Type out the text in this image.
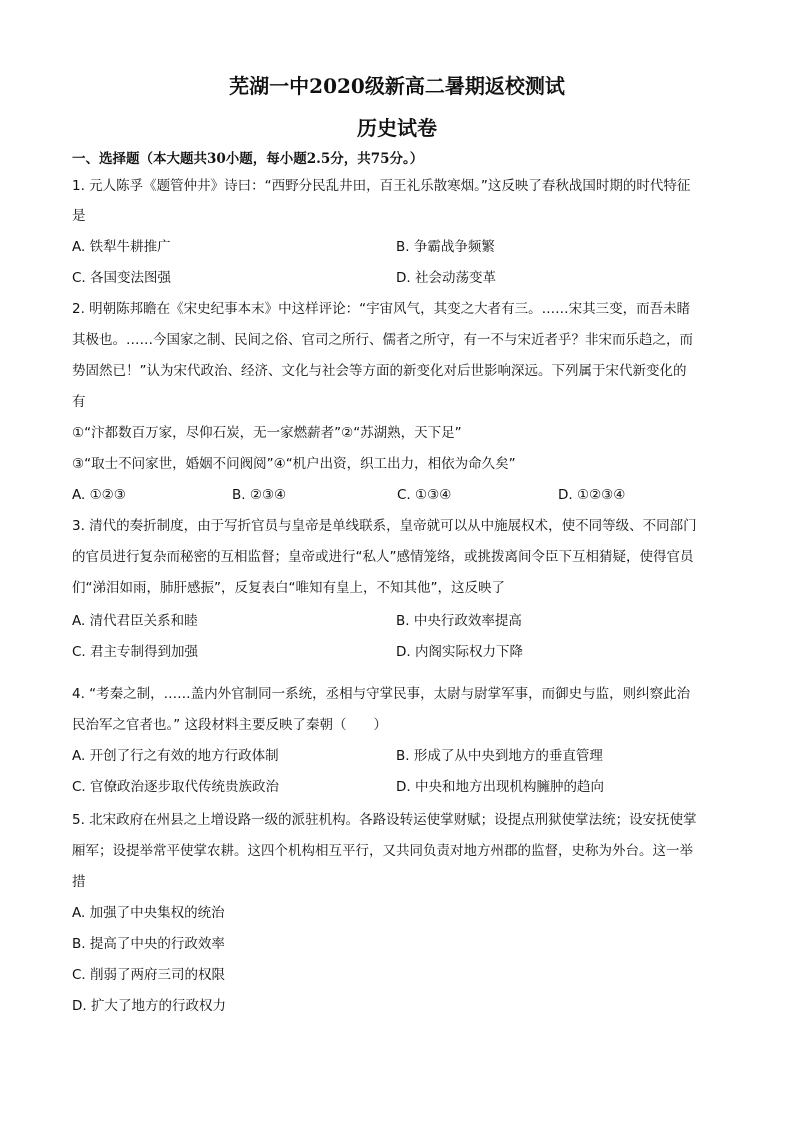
芜湖一中2020级新高二暑期返校测试
历史试卷
一、选择题（本大题共30小题，每小题2.5分，共75分。）
1. 元人陈孚《题管仲井》诗曰：“西野分民乱井田，百王礼乐散寒烟。”这反映了春秋战国时期的时代特征
是
A. 铁犁牛耕推广	B. 争霸战争频繁
C. 各国变法图强	D. 社会动荡变革
2. 明朝陈邦瞻在《宋史纪事本末》中这样评论：“宇宙风气，其变之大者有三。……宋其三变，而吾未睹
其极也。……今国家之制、民间之俗、官司之所行、儒者之所守，有一不与宋近者乎？非宋而乐趋之，而
势固然已！”认为宋代政治、经济、文化与社会等方面的新变化对后世影响深远。下列属于宋代新变化的
有
①“汴都数百万家，尽仰石炭，无一家燃薪者”②“苏湖熟，天下足”
③“取士不问家世，婚姻不问阀阅”④“机户出资，织工出力，相依为命久矣”
A. ①②③	B. ②③④	C. ①③④	D. ①②③④
3. 清代的奏折制度，由于写折官员与皇帝是单线联系，皇帝就可以从中施展权术，使不同等级、不同部门
的官员进行复杂而秘密的互相监督；皇帝或进行“私人”感情笼络，或挑拨离间令臣下互相猜疑，使得官员
们“涕泪如雨，肺肝感振”，反复表白“唯知有皇上，不知其他”，这反映了
A. 清代君臣关系和睦	B. 中央行政效率提高
C. 君主专制得到加强	D. 内阁实际权力下降
4. “考秦之制，……盖内外官制同一系统，丞相与守掌民事，太尉与尉掌军事，而御史与监，则纠察此治
民治军之官者也。” 这段材料主要反映了秦朝（　　）
A. 开创了行之有效的地方行政体制	B. 形成了从中央到地方的垂直管理
C. 官僚政治逐步取代传统贵族政治	D. 中央和地方出现机构臃肿的趋向
5. 北宋政府在州县之上增设路一级的派驻机构。各路设转运使掌财赋；设提点刑狱使掌法统；设安抚使掌
厢军；设提举常平使掌农耕。这四个机构相互平行，又共同负责对地方州郡的监督，史称为外台。这一举
措
A. 加强了中央集权的统治
B. 提高了中央的行政效率
C. 削弱了两府三司的权限
D. 扩大了地方的行政权力
